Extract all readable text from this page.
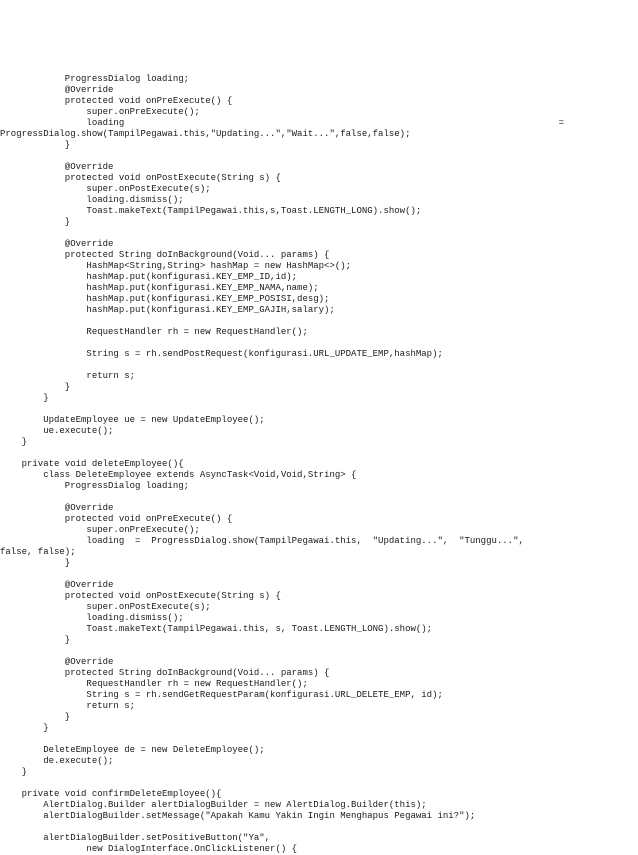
ProgressDialog loading;
@Override
protected void onPreExecute() {
super.onPreExecute();
loading
ProgressDialog.show(TampilPegawai.this,"Updating...","Wait...",false,false);
}
@Override
protected void onPostExecute(String s) {
super.onPostExecute(s);
loading.dismiss();
Toast.makeText(TampilPegawai.this,s,Toast.LENGTH_LONG).show();
}
@Override
protected String doInBackground(Void... params) {
HashMap<String,String> hashMap = new HashMap<>();
hashMap.put(konfigurasi.KEY_EMP_ID,id);
hashMap.put(konfigurasi.KEY_EMP_NAMA,name);
hashMap.put(konfigurasi.KEY_EMP_POSISI,desg);
hashMap.put(konfigurasi.KEY_EMP_GAJIH,salary);
RequestHandler rh = new RequestHandler();
String s = rh.sendPostRequest(konfigurasi.URL_UPDATE_EMP,hashMap);
return s;
}
}
UpdateEmployee ue = new UpdateEmployee();
ue.execute();
}
private void deleteEmployee(){
class DeleteEmployee extends AsyncTask<Void,Void,String> {
ProgressDialog loading;
@Override
protected void onPreExecute() {
super.onPreExecute();
loading  =  ProgressDialog.show(TampilPegawai.this,  "Updating...",  "Tunggu...",
false, false);
}
@Override
protected void onPostExecute(String s) {
super.onPostExecute(s);
loading.dismiss();
Toast.makeText(TampilPegawai.this, s, Toast.LENGTH_LONG).show();
}
@Override
protected String doInBackground(Void... params) {
RequestHandler rh = new RequestHandler();
String s = rh.sendGetRequestParam(konfigurasi.URL_DELETE_EMP, id);
return s;
}
}
DeleteEmployee de = new DeleteEmployee();
de.execute();
}
private void confirmDeleteEmployee(){
AlertDialog.Builder alertDialogBuilder = new AlertDialog.Builder(this);
alertDialogBuilder.setMessage("Apakah Kamu Yakin Ingin Menghapus Pegawai ini?");
alertDialogBuilder.setPositiveButton("Ya",
new DialogInterface.OnClickListener() {
=
